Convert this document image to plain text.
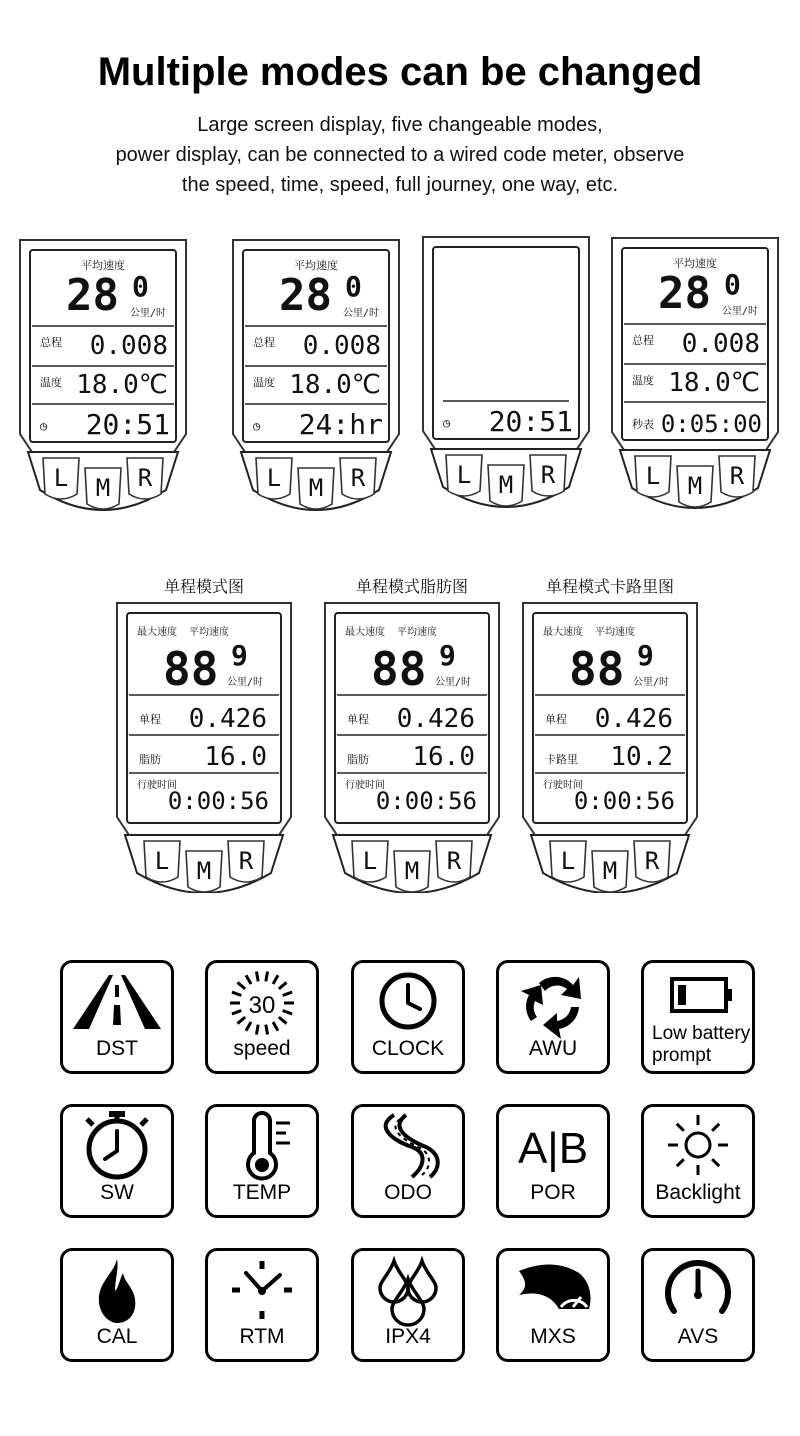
Multiple modes can be changed
Large screen display, five changeable modes,
power display, can be connected to a wired code meter, observe
the speed, time, speed, full journey, one way, etc.
平均速度
28 0
公里/时
总程 0.008
温度 18.0℃
◷ 20:51
L M R
平均速度
28 0
公里/时
总程 0.008
温度 18.0℃
◷ 24:hr
L M R
◷ 20:51
L M R
平均速度
28 0
公里/时
总程 0.008
温度 18.0℃
秒表 0:05:00
L M R
单程模式图
最大速度 平均速度
88 9
公里/时
单程 0.426
脂肪 16.0
行驶时间
0:00:56
L M R
单程模式脂肪图
最大速度 平均速度
88 9
公里/时
单程 0.426
脂肪 16.0
行驶时间
0:00:56
L M R
单程模式卡路里图
最大速度 平均速度
88 9
公里/时
单程 0.426
卡路里 10.2
行驶时间
0:00:56
L M R
DST
30
speed	CLOCK	AWU
Low battery prompt
SW	TEMP	ODO
A|B
POR	Backlight
CAL	RTM	IPX4	MXS	AVS
